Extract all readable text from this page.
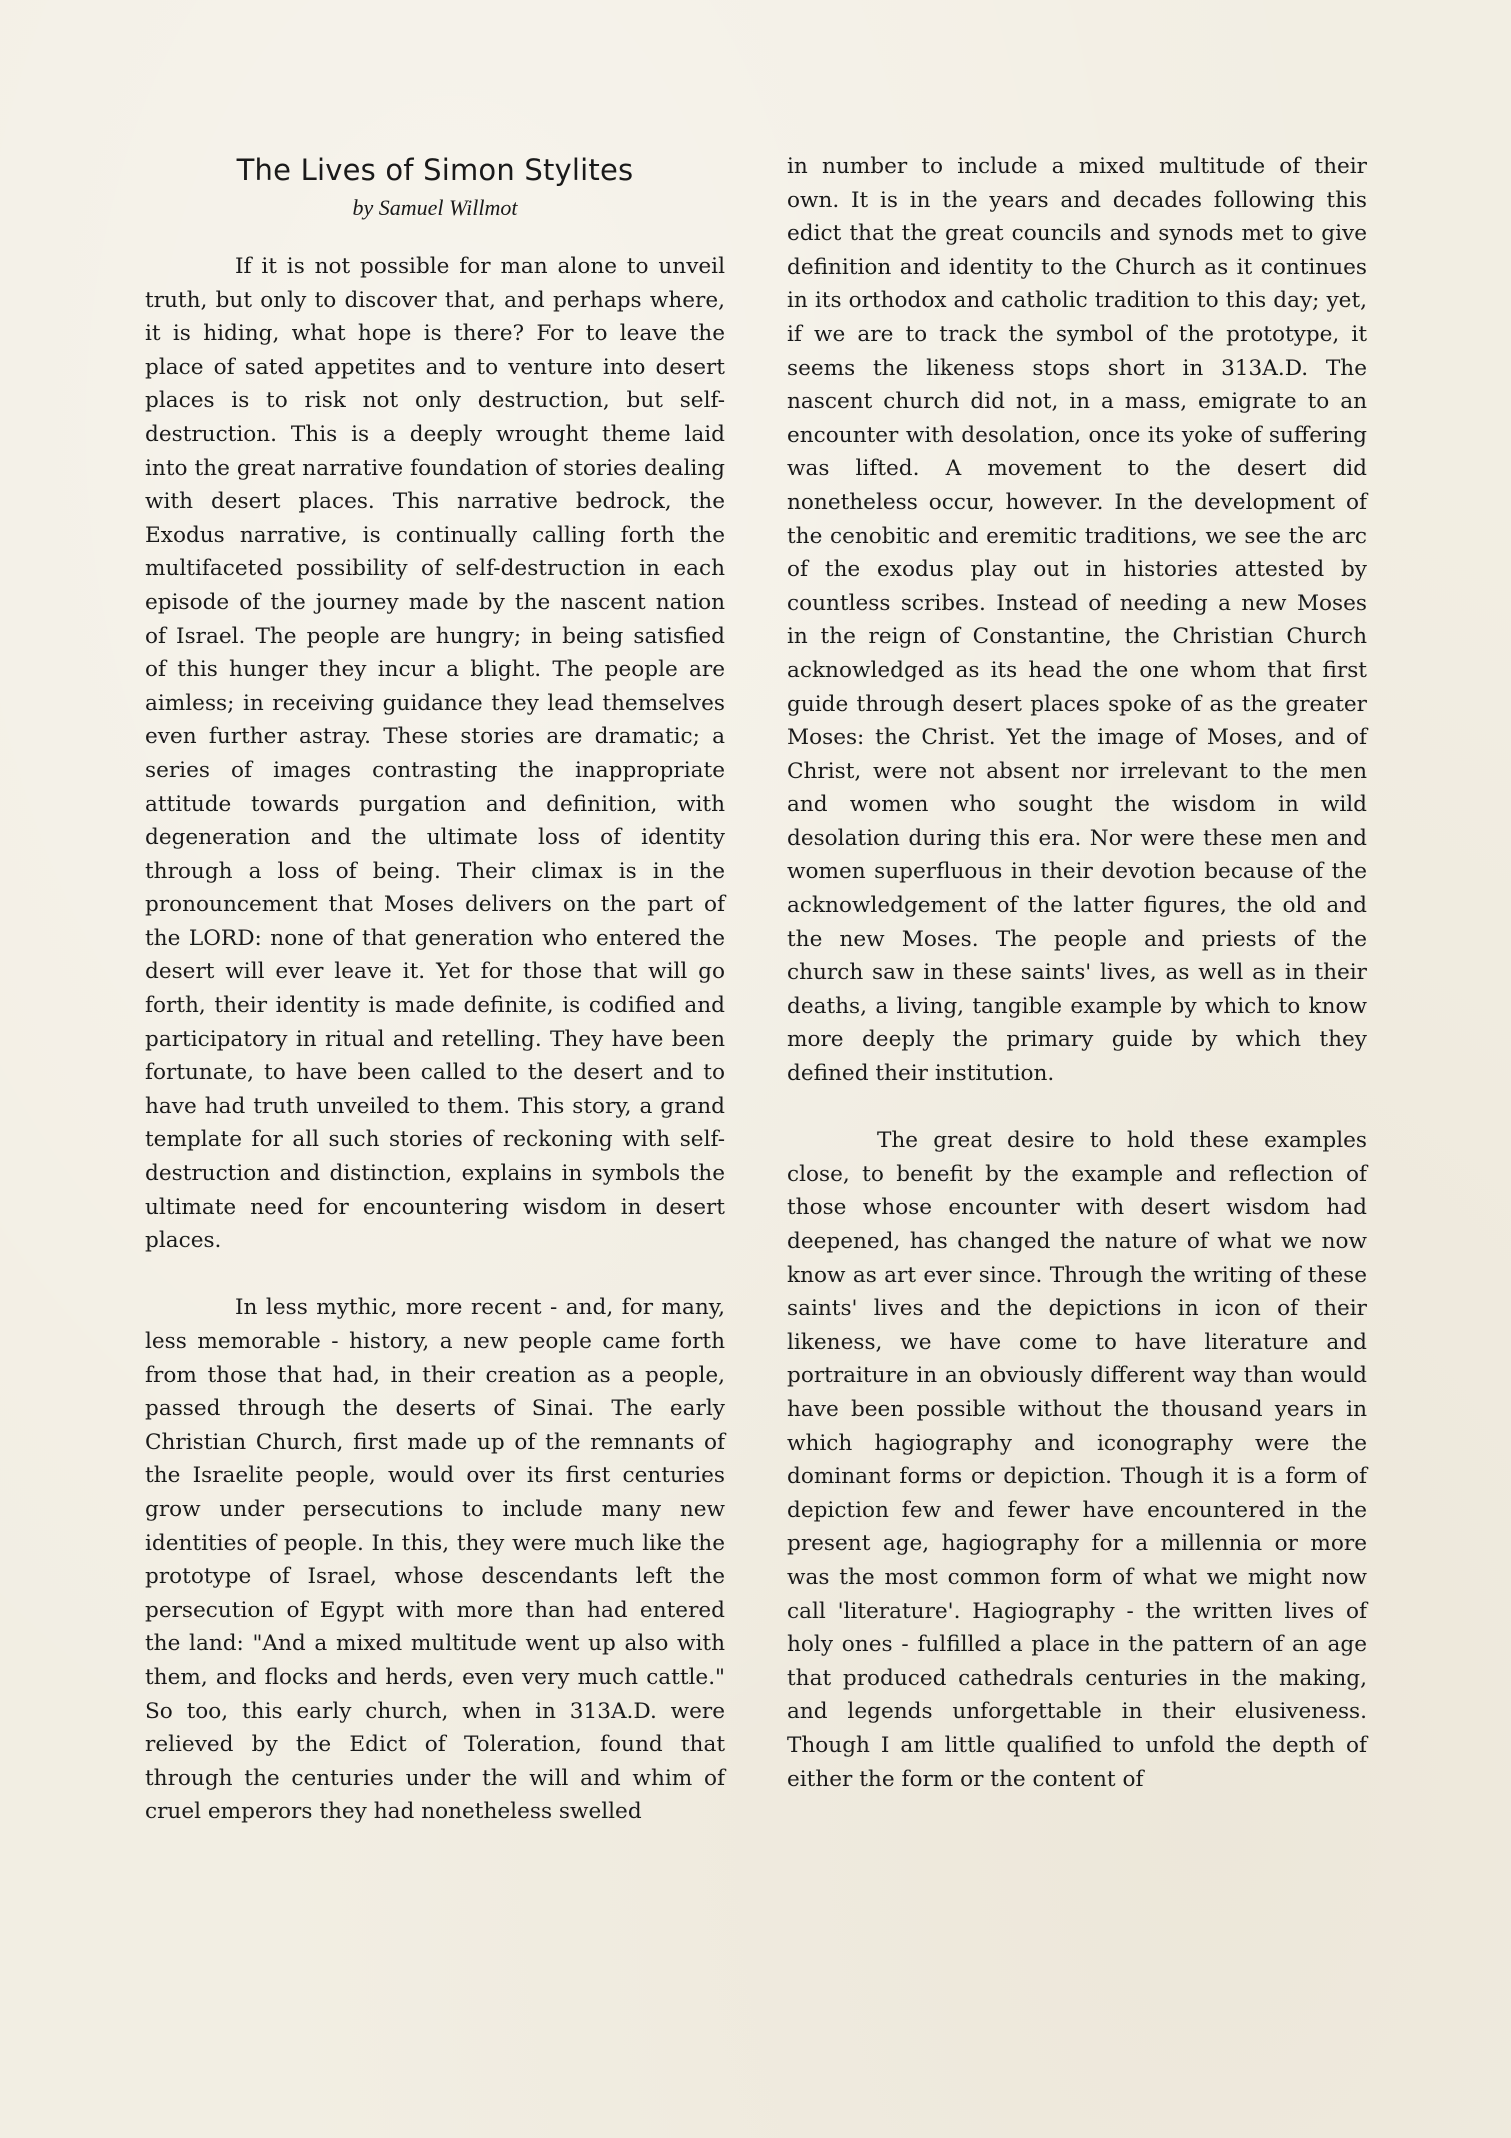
The Lives of Simon Stylites

by Samuel Willmot

If it is not possible for man alone to unveil truth, but only to discover that, and perhaps where, it is hiding, what hope is there? For to leave the place of sated appetites and to venture into desert places is to risk not only destruction, but self-destruction. This is a deeply wrought theme laid into the great narrative foundation of stories dealing with desert places. This narrative bedrock, the Exodus narrative, is continually calling forth the multifaceted possibility of self-destruction in each episode of the journey made by the nascent nation of Israel. The people are hungry; in being satisfied of this hunger they incur a blight. The people are aimless; in receiving guidance they lead themselves even further astray. These stories are dramatic; a series of images contrasting the inappropriate attitude towards purgation and definition, with degeneration and the ultimate loss of identity through a loss of being. Their climax is in the pronouncement that Moses delivers on the part of the LORD: none of that generation who entered the desert will ever leave it. Yet for those that will go forth, their identity is made definite, is codified and participatory in ritual and retelling. They have been fortunate, to have been called to the desert and to have had truth unveiled to them. This story, a grand template for all such stories of reckoning with self-destruction and distinction, explains in symbols the ultimate need for encountering wisdom in desert places.

In less mythic, more recent - and, for many, less memorable - history, a new people came forth from those that had, in their creation as a people, passed through the deserts of Sinai. The early Christian Church, first made up of the remnants of the Israelite people, would over its first centuries grow under persecutions to include many new identities of people. In this, they were much like the prototype of Israel, whose descendants left the persecution of Egypt with more than had entered the land: "And a mixed multitude went up also with them, and flocks and herds, even very much cattle." So too, this early church, when in 313A.D. were relieved by the Edict of Toleration, found that through the centuries under the will and whim of cruel emperors they had nonetheless swelled

in number to include a mixed multitude of their own. It is in the years and decades following this edict that the great councils and synods met to give definition and identity to the Church as it continues in its orthodox and catholic tradition to this day; yet, if we are to track the symbol of the prototype, it seems the likeness stops short in 313A.D. The nascent church did not, in a mass, emigrate to an encounter with desolation, once its yoke of suffering was lifted. A movement to the desert did nonetheless occur, however. In the development of the cenobitic and eremitic traditions, we see the arc of the exodus play out in histories attested by countless scribes. Instead of needing a new Moses in the reign of Constantine, the Christian Church acknowledged as its head the one whom that first guide through desert places spoke of as the greater Moses: the Christ. Yet the image of Moses, and of Christ, were not absent nor irrelevant to the men and women who sought the wisdom in wild desolation during this era. Nor were these men and women superfluous in their devotion because of the acknowledgement of the latter figures, the old and the new Moses. The people and priests of the church saw in these saints' lives, as well as in their deaths, a living, tangible example by which to know more deeply the primary guide by which they defined their institution.

The great desire to hold these examples close, to benefit by the example and reflection of those whose encounter with desert wisdom had deepened, has changed the nature of what we now know as art ever since. Through the writing of these saints' lives and the depictions in icon of their likeness, we have come to have literature and portraiture in an obviously different way than would have been possible without the thousand years in which hagiography and iconography were the dominant forms or depiction. Though it is a form of depiction few and fewer have encountered in the present age, hagiography for a millennia or more was the most common form of what we might now call 'literature'. Hagiography - the written lives of holy ones - fulfilled a place in the pattern of an age that produced cathedrals centuries in the making, and legends unforgettable in their elusiveness. Though I am little qualified to unfold the depth of either the form or the content of
